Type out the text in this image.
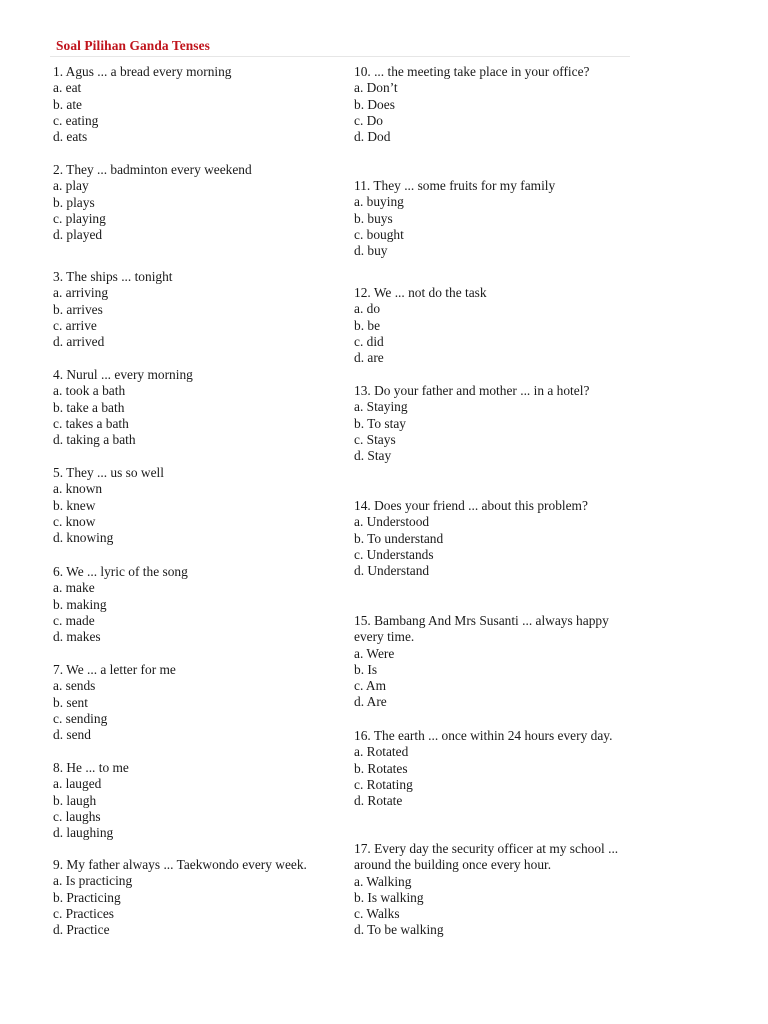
Soal Pilihan Ganda Tenses
1. Agus ... a bread every morning
a. eat
b. ate
c. eating
d. eats
2. They ... badminton every weekend
a. play
b. plays
c. playing
d. played
3. The ships ... tonight
a. arriving
b. arrives
c. arrive
d. arrived
4. Nurul ... every morning
a. took a bath
b. take a bath
c. takes a bath
d. taking a bath
5. They ... us so well
a. known
b. knew
c. know
d. knowing
6. We ... lyric of the song
a. make
b. making
c. made
d. makes
7. We ... a letter for me
a. sends
b. sent
c. sending
d. send
8. He ... to me
a. lauged
b. laugh
c. laughs
d. laughing
9. My father always ... Taekwondo every week.
a. Is practicing
b. Practicing
c. Practices
d. Practice
10. ... the meeting take place in your office?
a. Don’t
b. Does
c. Do
d. Dod
11. They ... some fruits for my family
a. buying
b. buys
c. bought
d. buy
12. We ... not do the task
a. do
b. be
c. did
d. are
13. Do your father and mother ... in a hotel?
a. Staying
b. To stay
c. Stays
d. Stay
14. Does your friend ... about this problem?
a. Understood
b. To understand
c. Understands
d. Understand
15. Bambang And Mrs Susanti ... always happy every time.
a. Were
b. Is
c. Am
d. Are
16. The earth ... once within 24 hours every day.
a. Rotated
b. Rotates
c. Rotating
d. Rotate
17. Every day the security officer at my school ... around the building once every hour.
a. Walking
b. Is walking
c. Walks
d. To be walking
